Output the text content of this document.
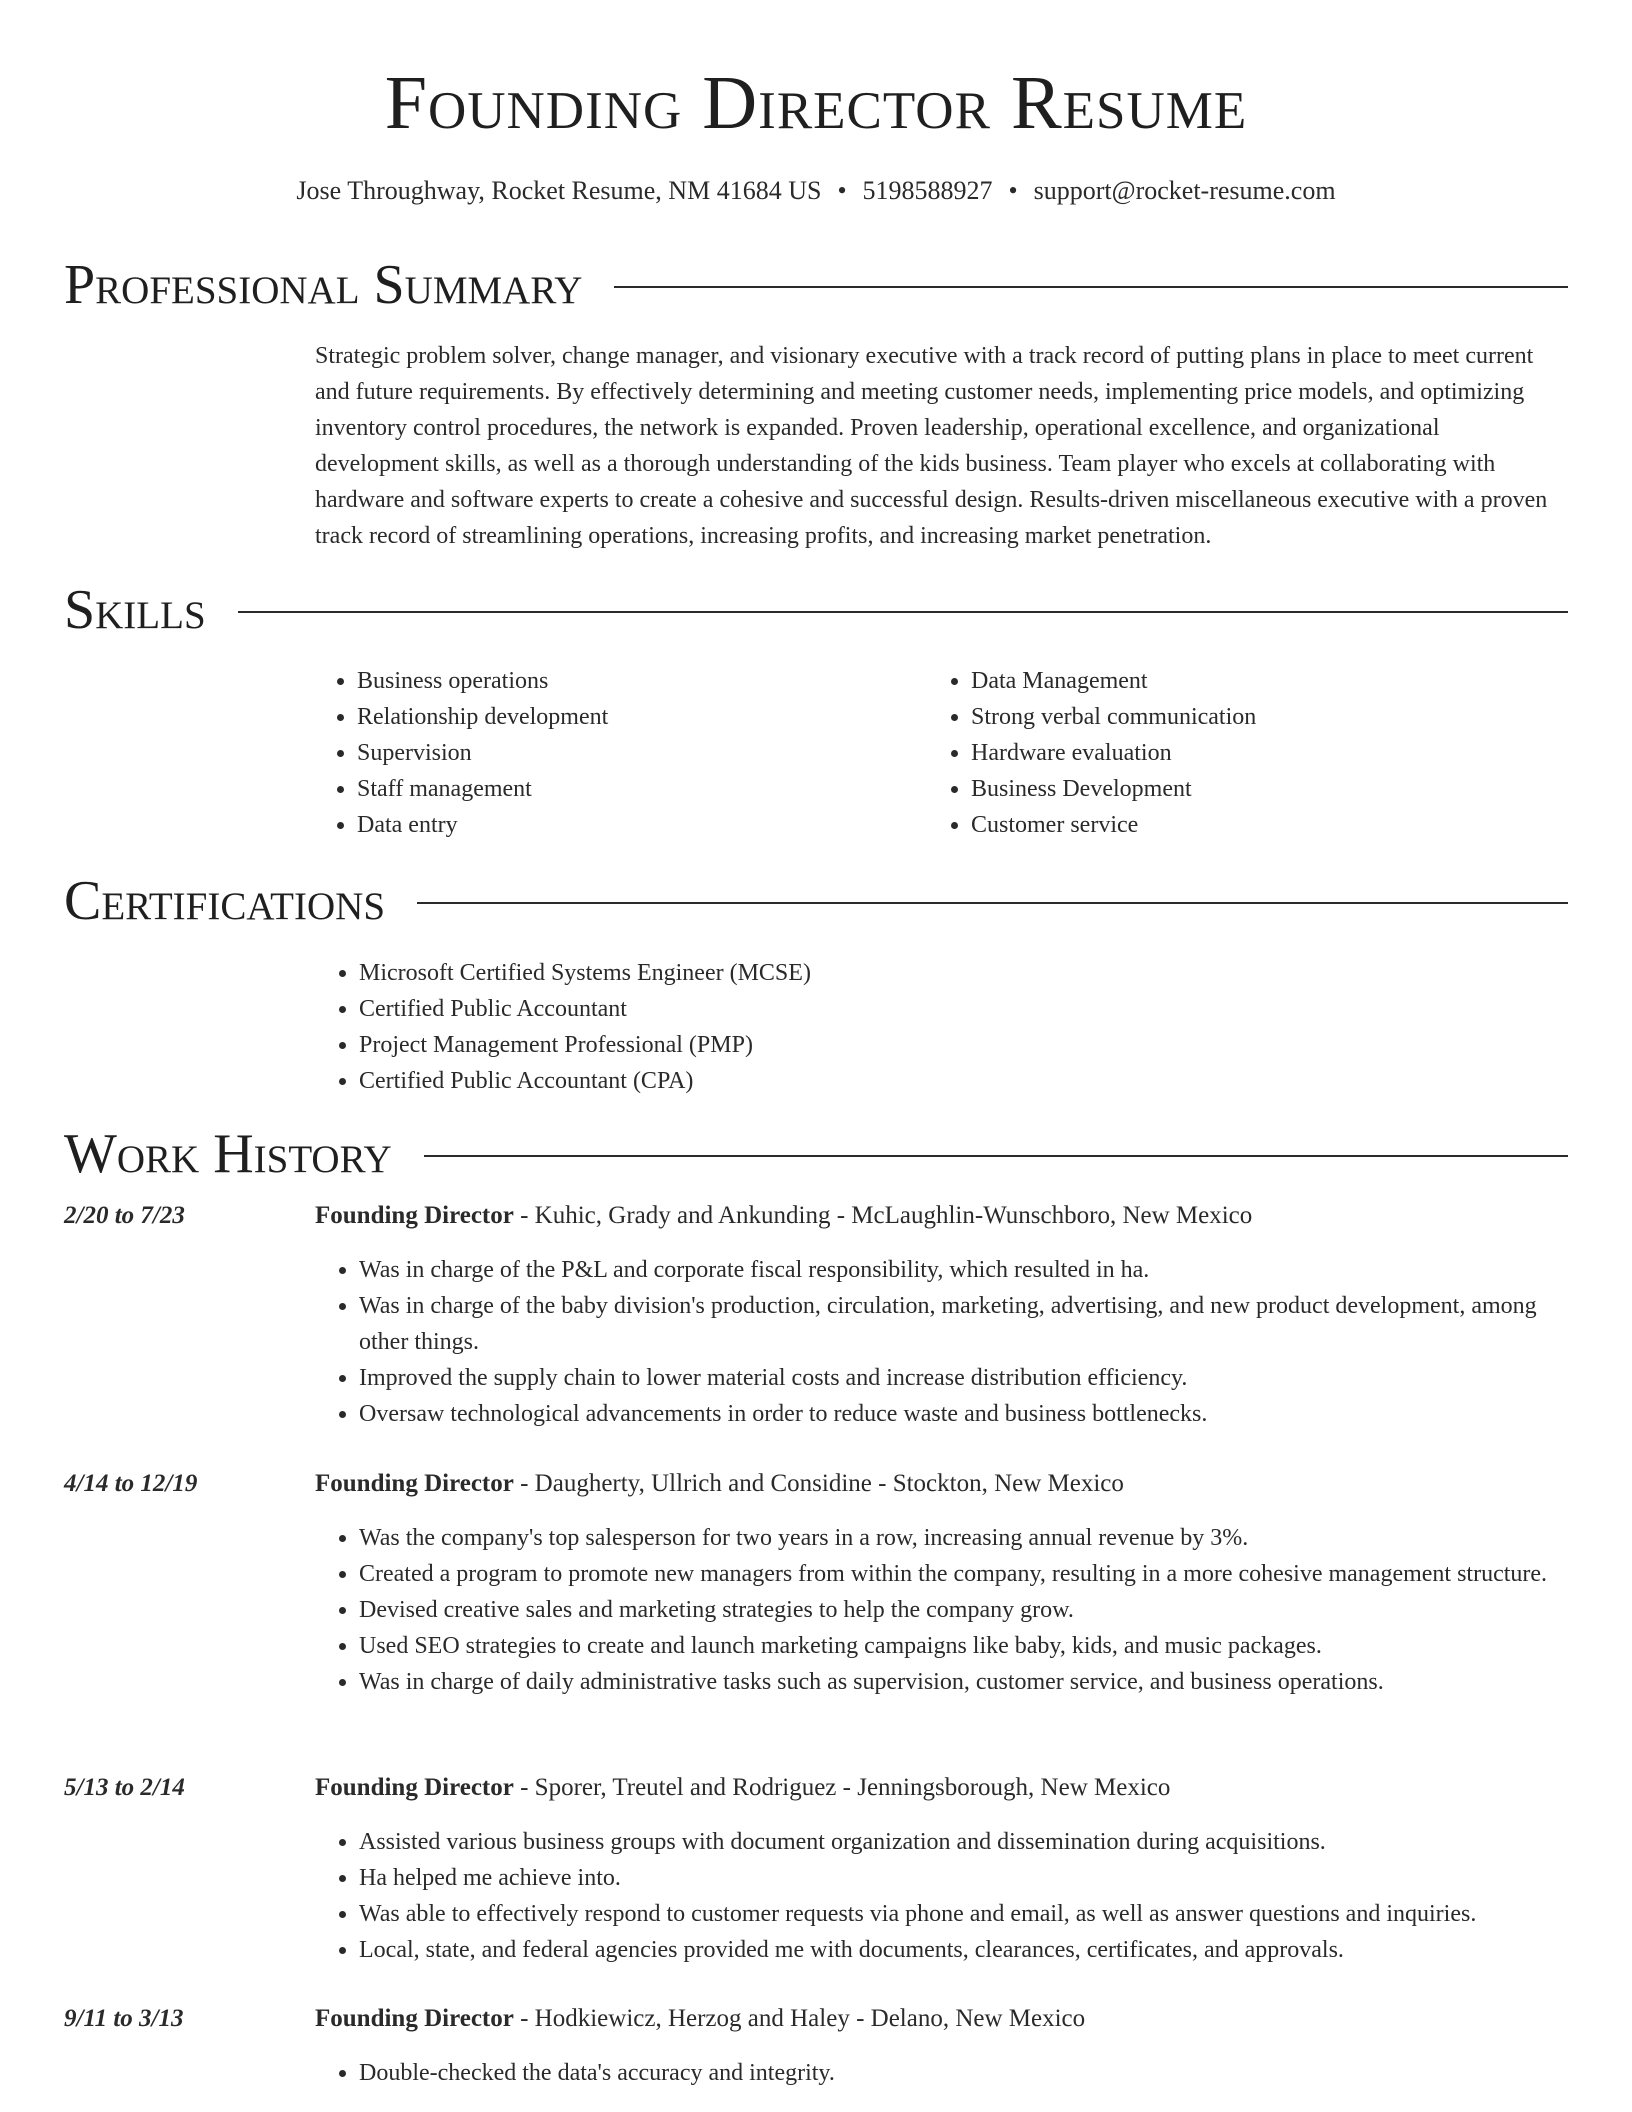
Founding Director Resume
Jose Throughway, Rocket Resume, NM 41684 US • 5198588927 • support@rocket-resume.com
Professional Summary
Strategic problem solver, change manager, and visionary executive with a track record of putting plans in place to meet current and future requirements. By effectively determining and meeting customer needs, implementing price models, and optimizing inventory control procedures, the network is expanded. Proven leadership, operational excellence, and organizational development skills, as well as a thorough understanding of the kids business. Team player who excels at collaborating with hardware and software experts to create a cohesive and successful design. Results-driven miscellaneous executive with a proven track record of streamlining operations, increasing profits, and increasing market penetration.
Skills
• Business operations
• Relationship development
• Supervision
• Staff management
• Data entry
• Data Management
• Strong verbal communication
• Hardware evaluation
• Business Development
• Customer service
Certifications
• Microsoft Certified Systems Engineer (MCSE)
• Certified Public Accountant
• Project Management Professional (PMP)
• Certified Public Accountant (CPA)
Work History
2/20 to 7/23	Founding Director - Kuhic, Grady and Ankunding - McLaughlin-Wunschboro, New Mexico
• Was in charge of the P&L and corporate fiscal responsibility, which resulted in ha.
• Was in charge of the baby division's production, circulation, marketing, advertising, and new product development, among other things.
• Improved the supply chain to lower material costs and increase distribution efficiency.
• Oversaw technological advancements in order to reduce waste and business bottlenecks.
4/14 to 12/19	Founding Director - Daugherty, Ullrich and Considine - Stockton, New Mexico
• Was the company's top salesperson for two years in a row, increasing annual revenue by 3%.
• Created a program to promote new managers from within the company, resulting in a more cohesive management structure.
• Devised creative sales and marketing strategies to help the company grow.
• Used SEO strategies to create and launch marketing campaigns like baby, kids, and music packages.
• Was in charge of daily administrative tasks such as supervision, customer service, and business operations.
5/13 to 2/14	Founding Director - Sporer, Treutel and Rodriguez - Jenningsborough, New Mexico
• Assisted various business groups with document organization and dissemination during acquisitions.
• Ha helped me achieve into.
• Was able to effectively respond to customer requests via phone and email, as well as answer questions and inquiries.
• Local, state, and federal agencies provided me with documents, clearances, certificates, and approvals.
9/11 to 3/13	Founding Director - Hodkiewicz, Herzog and Haley - Delano, New Mexico
• Double-checked the data's accuracy and integrity.
